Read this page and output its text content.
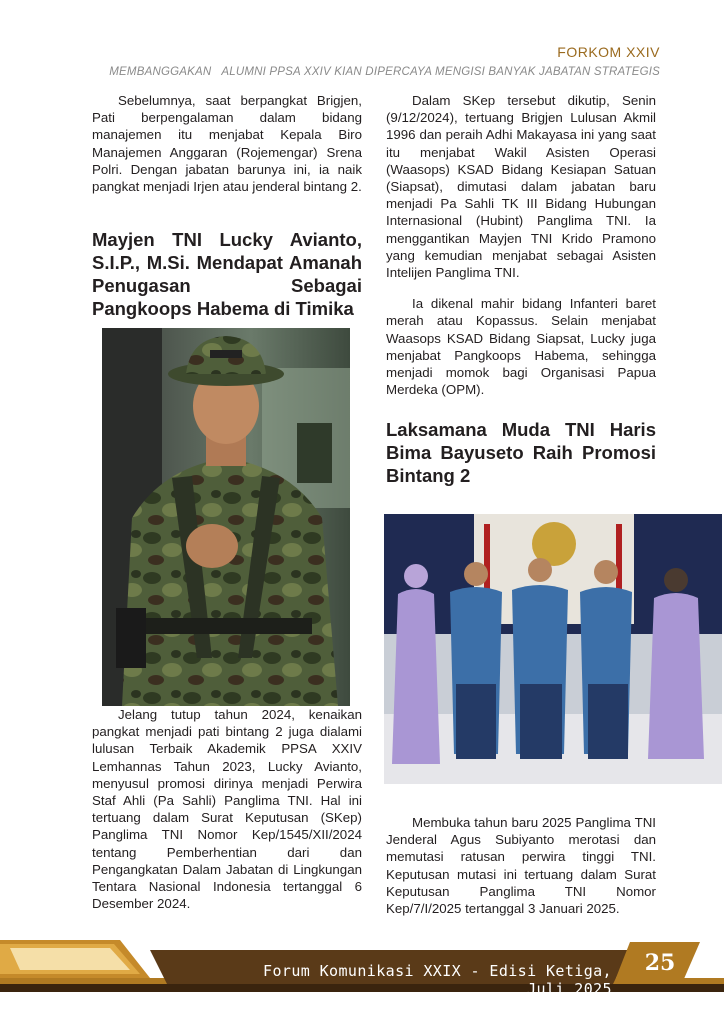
FORKOM XXIV
MEMBANGGAKAN ALUMNI PPSA XXIV KIAN DIPERCAYA MENGISI BANYAK JABATAN STRATEGIS

Sebelumnya, saat berpangkat Brigjen, Pati berpengalaman dalam bidang manajemen itu menjabat Kepala Biro Manajemen Anggaran (Rojemengar) Srena Polri. Dengan jabatan barunya ini, ia naik pangkat menjadi Irjen atau jenderal bintang 2.

Mayjen TNI Lucky Avianto, S.I.P., M.Si. Mendapat Amanah Penugasan Sebagai Pangkoops Habema di Timika

Jelang tutup tahun 2024, kenaikan pangkat menjadi pati bintang 2 juga dialami lulusan Terbaik Akademik PPSA XXIV Lemhannas Tahun 2023, Lucky Avianto, menyusul promosi dirinya menjadi Perwira Staf Ahli (Pa Sahli) Panglima TNI. Hal ini tertuang dalam Surat Keputusan (SKep) Panglima TNI Nomor Kep/1545/XII/2024 tentang Pemberhentian dari dan Pengangkatan Dalam Jabatan di Lingkungan Tentara Nasional Indonesia tertanggal 6 Desember 2024.

Dalam SKep tersebut dikutip, Senin (9/12/2024), tertuang Brigjen Lulusan Akmil 1996 dan peraih Adhi Makayasa ini yang saat itu menjabat Wakil Asisten Operasi (Waasops) KSAD Bidang Kesiapan Satuan (Siapsat), dimutasi dalam jabatan baru menjadi Pa Sahli TK III Bidang Hubungan Internasional (Hubint) Panglima TNI. Ia menggantikan Mayjen TNI Krido Pramono yang kemudian menjabat sebagai Asisten Intelijen Panglima TNI.

Ia dikenal mahir bidang Infanteri baret merah atau Kopassus. Selain menjabat Waasops KSAD Bidang Siapsat, Lucky juga menjabat Pangkoops Habema, sehingga menjadi momok bagi Organisasi Papua Merdeka (OPM).

Laksamana Muda TNI Haris Bima Bayuseto Raih Promosi Bintang 2

Membuka tahun baru 2025 Panglima TNI Jenderal Agus Subiyanto merotasi dan memutasi ratusan perwira tinggi TNI. Keputusan mutasi ini tertuang dalam Surat Keputusan Panglima TNI Nomor Kep/7/I/2025 tertanggal 3 Januari 2025.

Forum Komunikasi XXIX - Edisi Ketiga, Juli 2025
25
